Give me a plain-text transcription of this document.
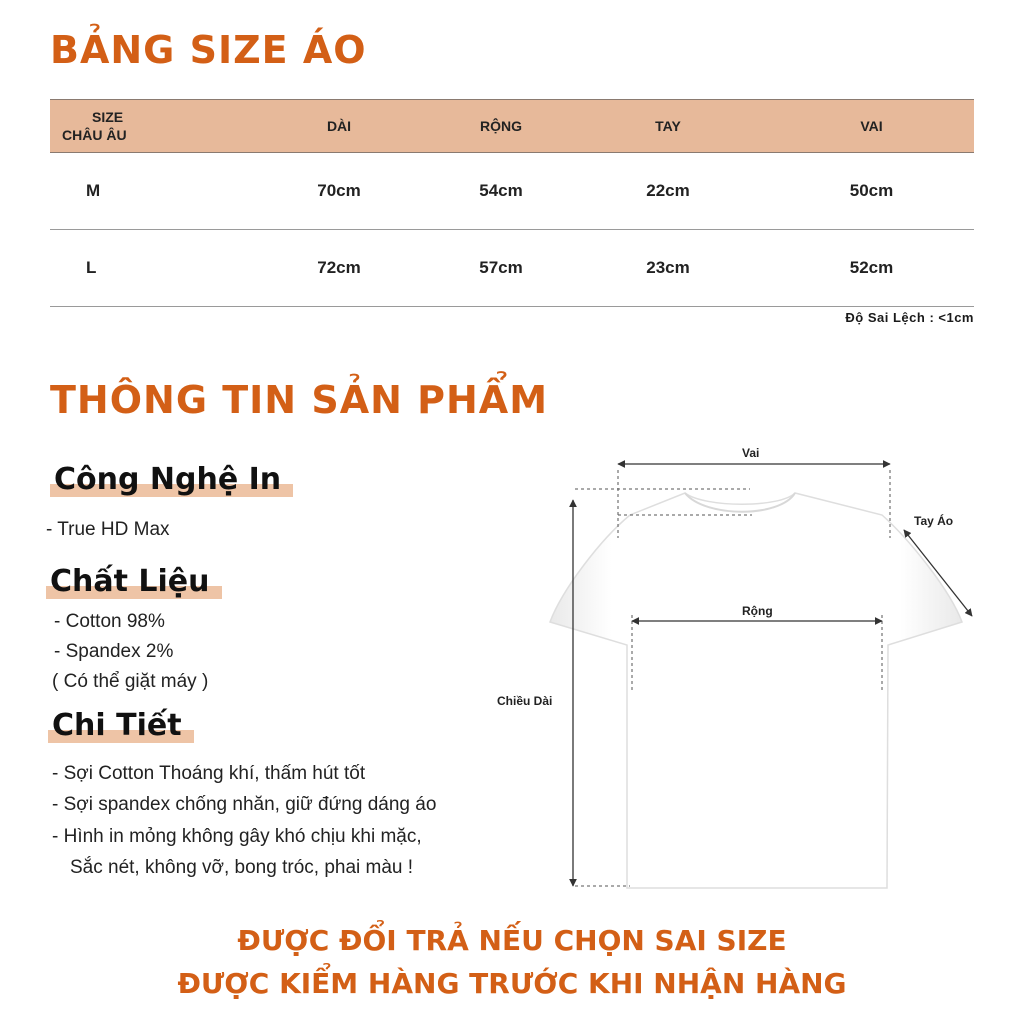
BẢNG SIZE ÁO
SIZE
CHÂU ÂU	DÀI	RỘNG	TAY	VAI
M	70cm	54cm	22cm	50cm
L	72cm	57cm	23cm	52cm
Độ Sai Lệch : <1cm
THÔNG TIN SẢN PHẨM
Công Nghệ In
- True HD Max
Chất Liệu
- Cotton 98%
- Spandex 2%
( Có thể giặt máy )
Chi Tiết
- Sợi Cotton Thoáng khí, thấm hút tốt
- Sợi spandex chống nhăn, giữ đứng dáng áo
- Hình in mỏng không gây khó chịu khi mặc,
Sắc nét, không vỡ, bong tróc, phai màu !
Vai
Tay Áo
Rộng
Chiều Dài
ĐƯỢC ĐỔI TRẢ NẾU CHỌN SAI SIZE
ĐƯỢC KIỂM HÀNG TRƯỚC KHI NHẬN HÀNG
